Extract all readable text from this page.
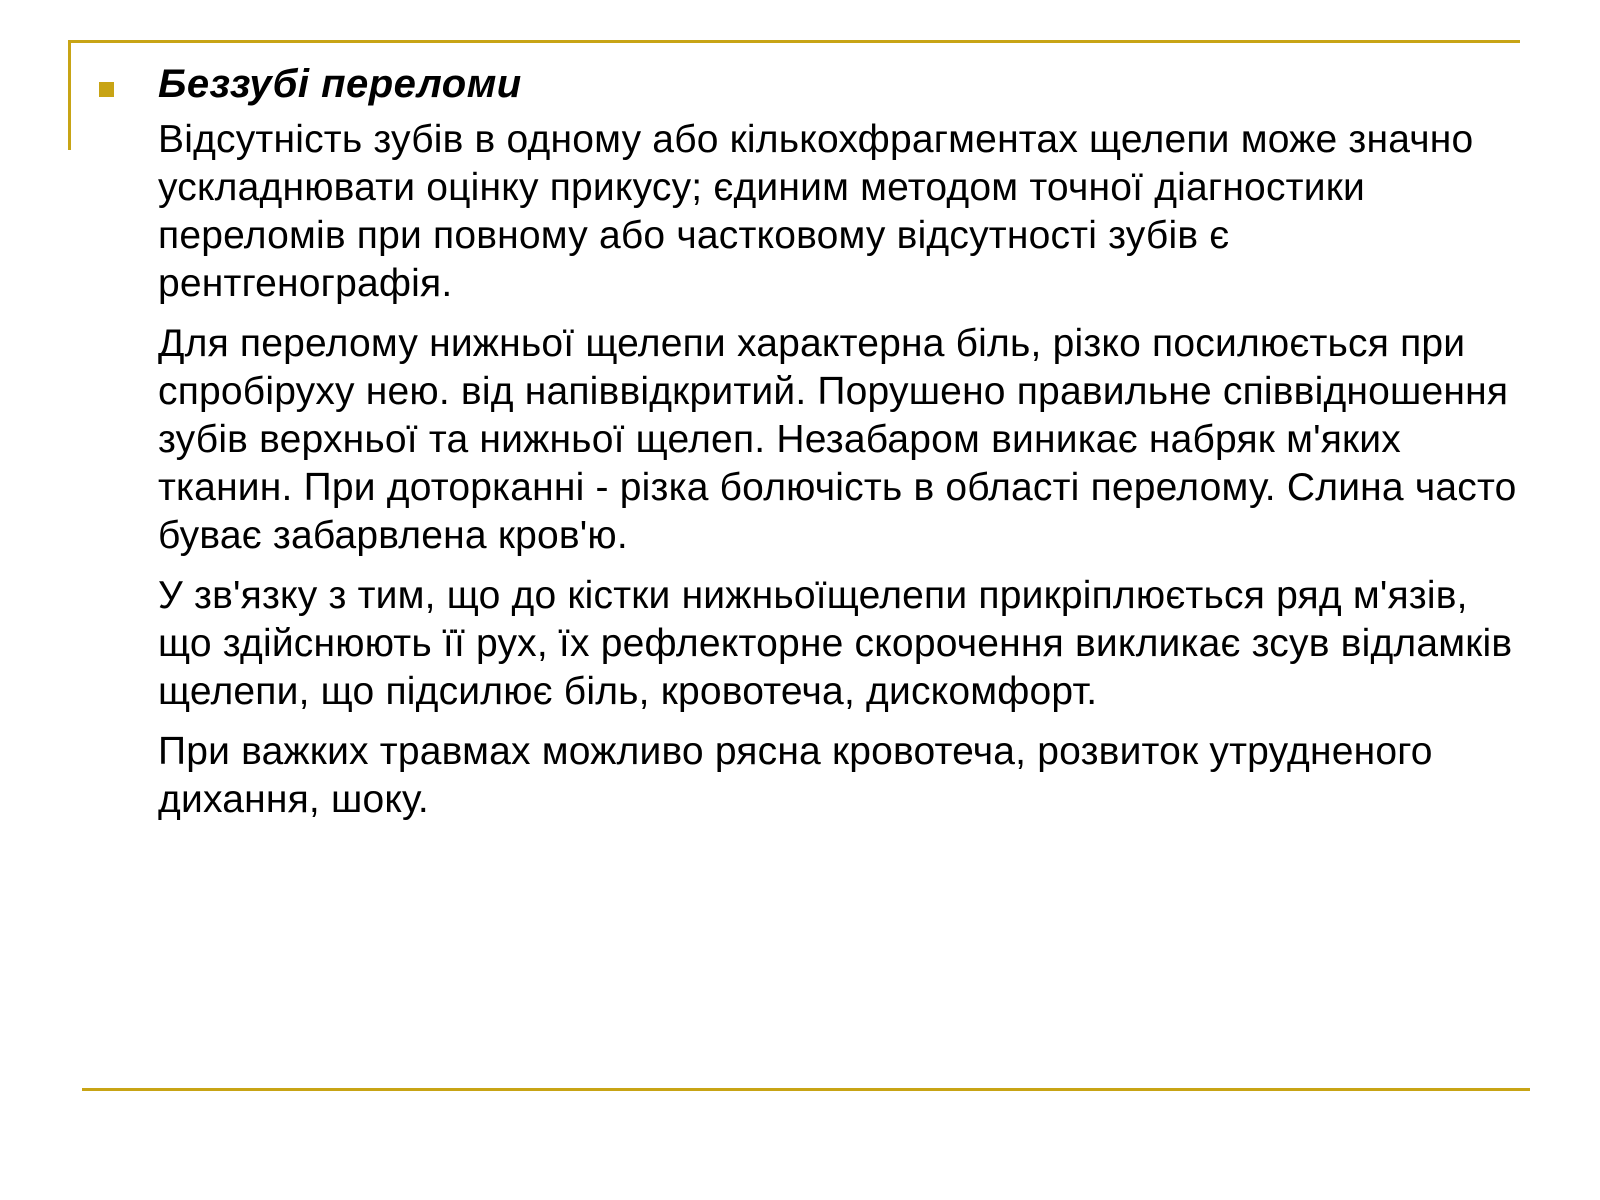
Беззубі переломи

Відсутність зубів в одному або кількохфрагментах щелепи може значно ускладнювати оцінку прикусу; єдиним методом точної діагностики переломів при повному або частковому відсутності зубів є рентгенографія.

Для перелому нижньої щелепи характерна біль, різко посилюється при спробіруху нею. від напіввідкритий. Порушено правильне співвідношення зубів верхньої та нижньої щелеп. Незабаром виникає набряк м'яких тканин. При доторканні - різка болючість в області перелому. Слина часто буває забарвлена кров'ю.

У зв'язку з тим, що до кістки нижньоїщелепи прикріплюється ряд м'язів, що здійснюють її рух, їх рефлекторне скорочення викликає зсув відламків щелепи, що підсилює біль, кровотеча, дискомфорт.

При важких травмах можливо рясна кровотеча, розвиток утрудненого дихання, шоку.
